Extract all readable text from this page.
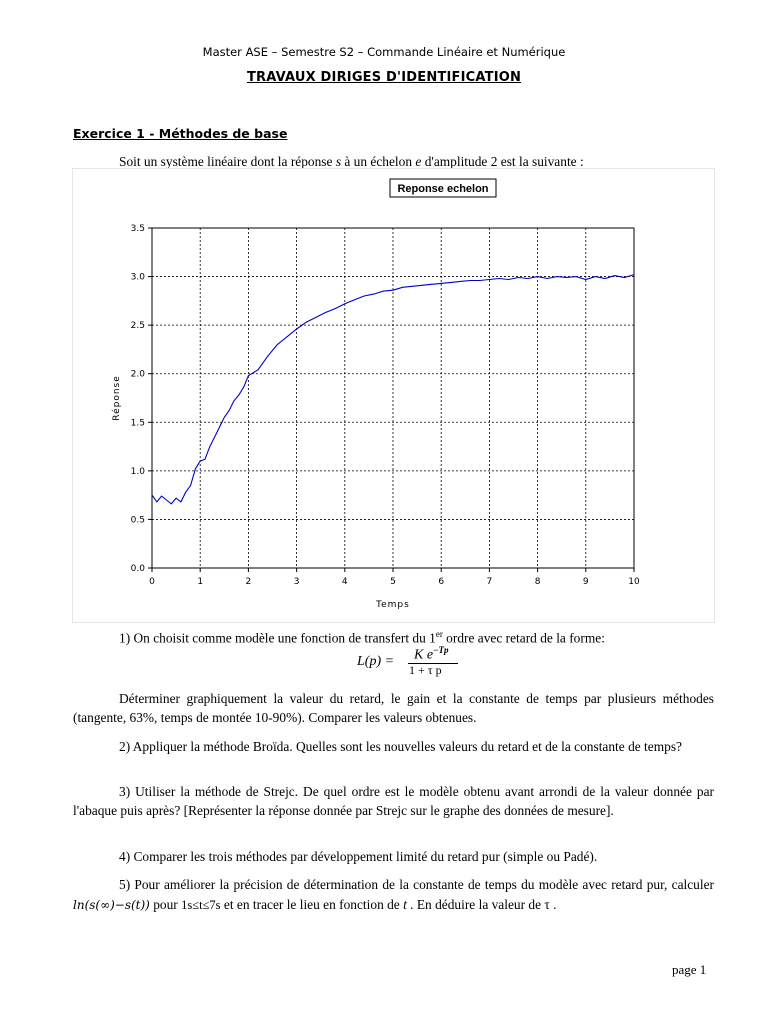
Master ASE – Semestre S2 – Commande Linéaire et Numérique
TRAVAUX DIRIGES D'IDENTIFICATION
Exercice 1 - Méthodes de base
Soit un système linéaire dont la réponse s à un échelon e d'amplitude 2 est la suivante :
0	1	2	3	4	5	6	7	8	9	10
0.0
0.5
1.0
1.5
2.0
2.5
3.0
3.5
Reponse echelon
Temps
Réponse
1) On choisit comme modèle une fonction de transfert du 1er ordre avec retard de la forme:
L(p) = K $e^{-Tp}$
1 + τ p
Déterminer graphiquement la valeur du retard, le gain et la constante de temps par plusieurs méthodes (tangente, 63%, temps de montée 10-90%). Comparer les valeurs obtenues.
2) Appliquer la méthode Broïda. Quelles sont les nouvelles valeurs du retard et de la constante de temps?
3) Utiliser la méthode de Strejc. De quel ordre est le modèle obtenu avant arrondi de la valeur donnée par l'abaque puis après? [Représenter la réponse donnée par Strejc sur le graphe des données de mesure].
4) Comparer les trois méthodes par développement limité du retard pur (simple ou Padé).
5) Pour améliorer la précision de détermination de la constante de temps du modèle avec retard pur, calculer ln(s(∞)−s(t)) pour 1s≤t≤7s et en tracer le lieu en fonction de t . En déduire la valeur de τ .
page 1
